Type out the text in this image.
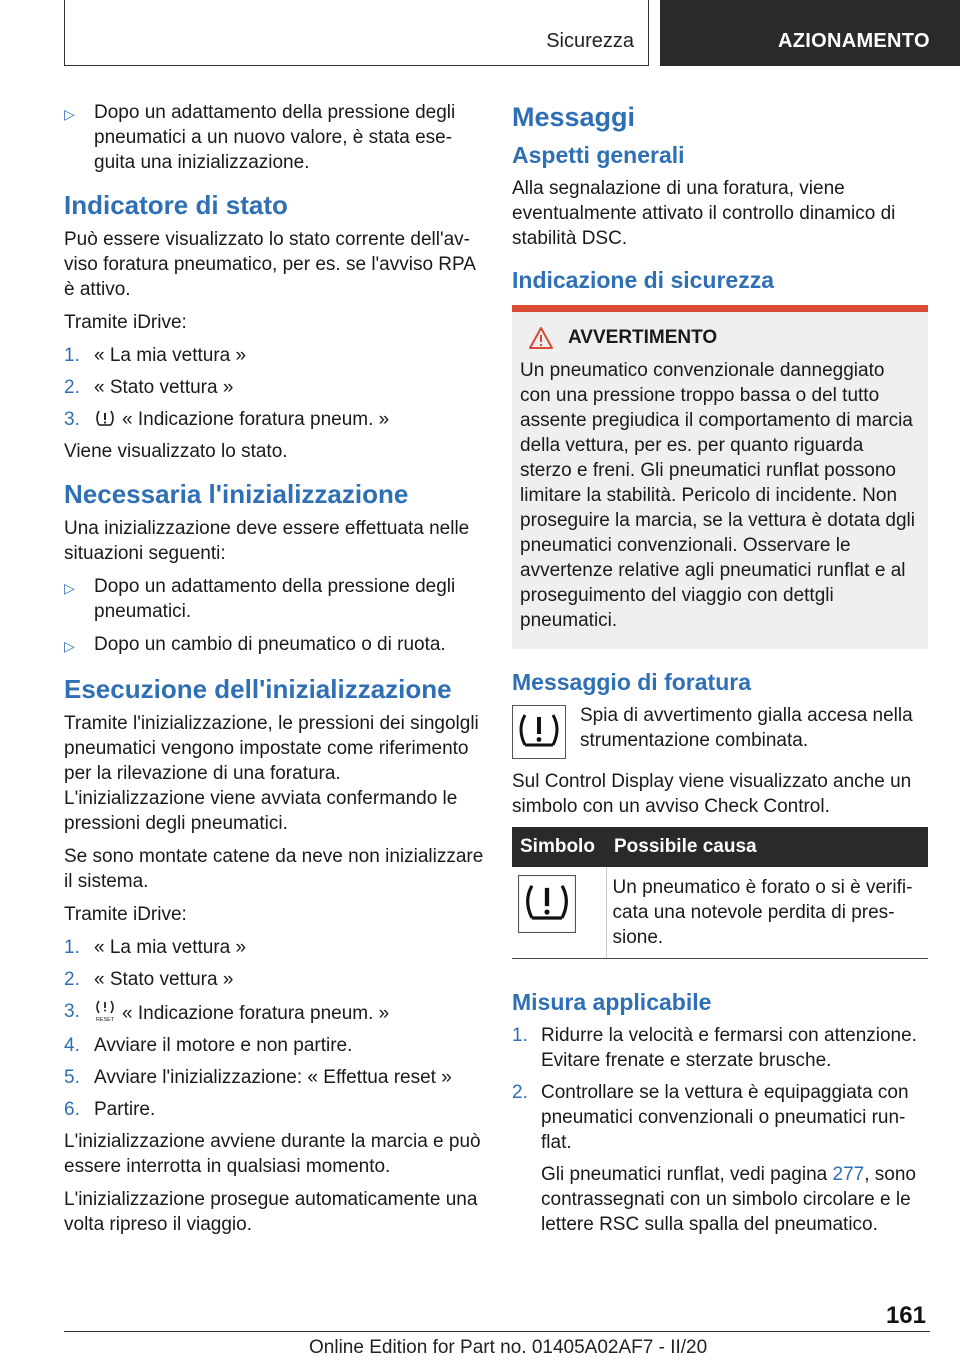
Sicurezza	AZIONAMENTO
▷	Dopo un adattamento della pressione degli pneumatici a un nuovo valore, è stata eseguita una inizializzazione.
Indicatore di stato

Può essere visualizzato lo stato corrente dell'avviso foratura pneumatico, per es. se l'avviso RPA è attivo.

Tramite iDrive:

1. « La mia vettura »
2. « Stato vettura »
3.	« Indicazione foratura pneum. »

Viene visualizzato lo stato.

Necessaria l'inizializzazione

Una inizializzazione deve essere effettuata nelle situazioni seguenti:

▷	Dopo un adattamento della pressione degli pneumatici.
▷	Dopo un cambio di pneumatico o di ruota.
Esecuzione dell'inizializzazione

Tramite l'inizializzazione, le pressioni dei singolgli pneumatici vengono impostate come riferimento per la rilevazione di una foratura. L'inizializzazione viene avviata confermando le pressioni degli pneumatici.

Se sono montate catene da neve non inizializzare il sistema.

Tramite iDrive:

1. « La mia vettura »
2. « Stato vettura »
3.	RESET « Indicazione foratura pneum. »
4. Avviare il motore e non partire.
5. Avviare l'inizializzazione: « Effettua reset »
6. Partire.

L'inizializzazione avviene durante la marcia e può essere interrotta in qualsiasi momento.

L'inizializzazione prosegue automaticamente una volta ripreso il viaggio.

Messaggi
Aspetti generali

Alla segnalazione di una foratura, viene eventualmente attivato il controllo dinamico di stabilità DSC.

Indicazione di sicurezza
AVVERTIMENTO

Un pneumatico convenzionale danneggiato con una pressione troppo bassa o del tutto assente pregiudica il comportamento di marcia della vettura, per es. per quanto riguarda sterzo e freni. Gli pneumatici runflat possono limitare la stabilità. Pericolo di incidente. Non proseguire la marcia, se la vettura è dotata dgli pneumatici convenzionali. Osservare le avvertenze relative agli pneumatici runflat e al proseguimento del viaggio con dettgli pneumatici.

Messaggio di foratura

Spia di avvertimento gialla accesa nella strumentazione combinata.

Sul Control Display viene visualizzato anche un simbolo con un avviso Check Control.

Simbolo	Possibile causa
	Un pneumatico è forato o si è verificata una notevole perdita di pressione.
Misura applicabile
1. Ridurre la velocità e fermarsi con attenzione. Evitare frenate e sterzate brusche.
2. Controllare se la vettura è equipaggiata con pneumatici convenzionali o pneumatici runflat.

Gli pneumatici runflat, vedi pagina 277, sono contrassegnati con un simbolo circolare e le lettere RSC sulla spalla del pneumatico.

161
Online Edition for Part no. 01405A02AF7 - II/20
